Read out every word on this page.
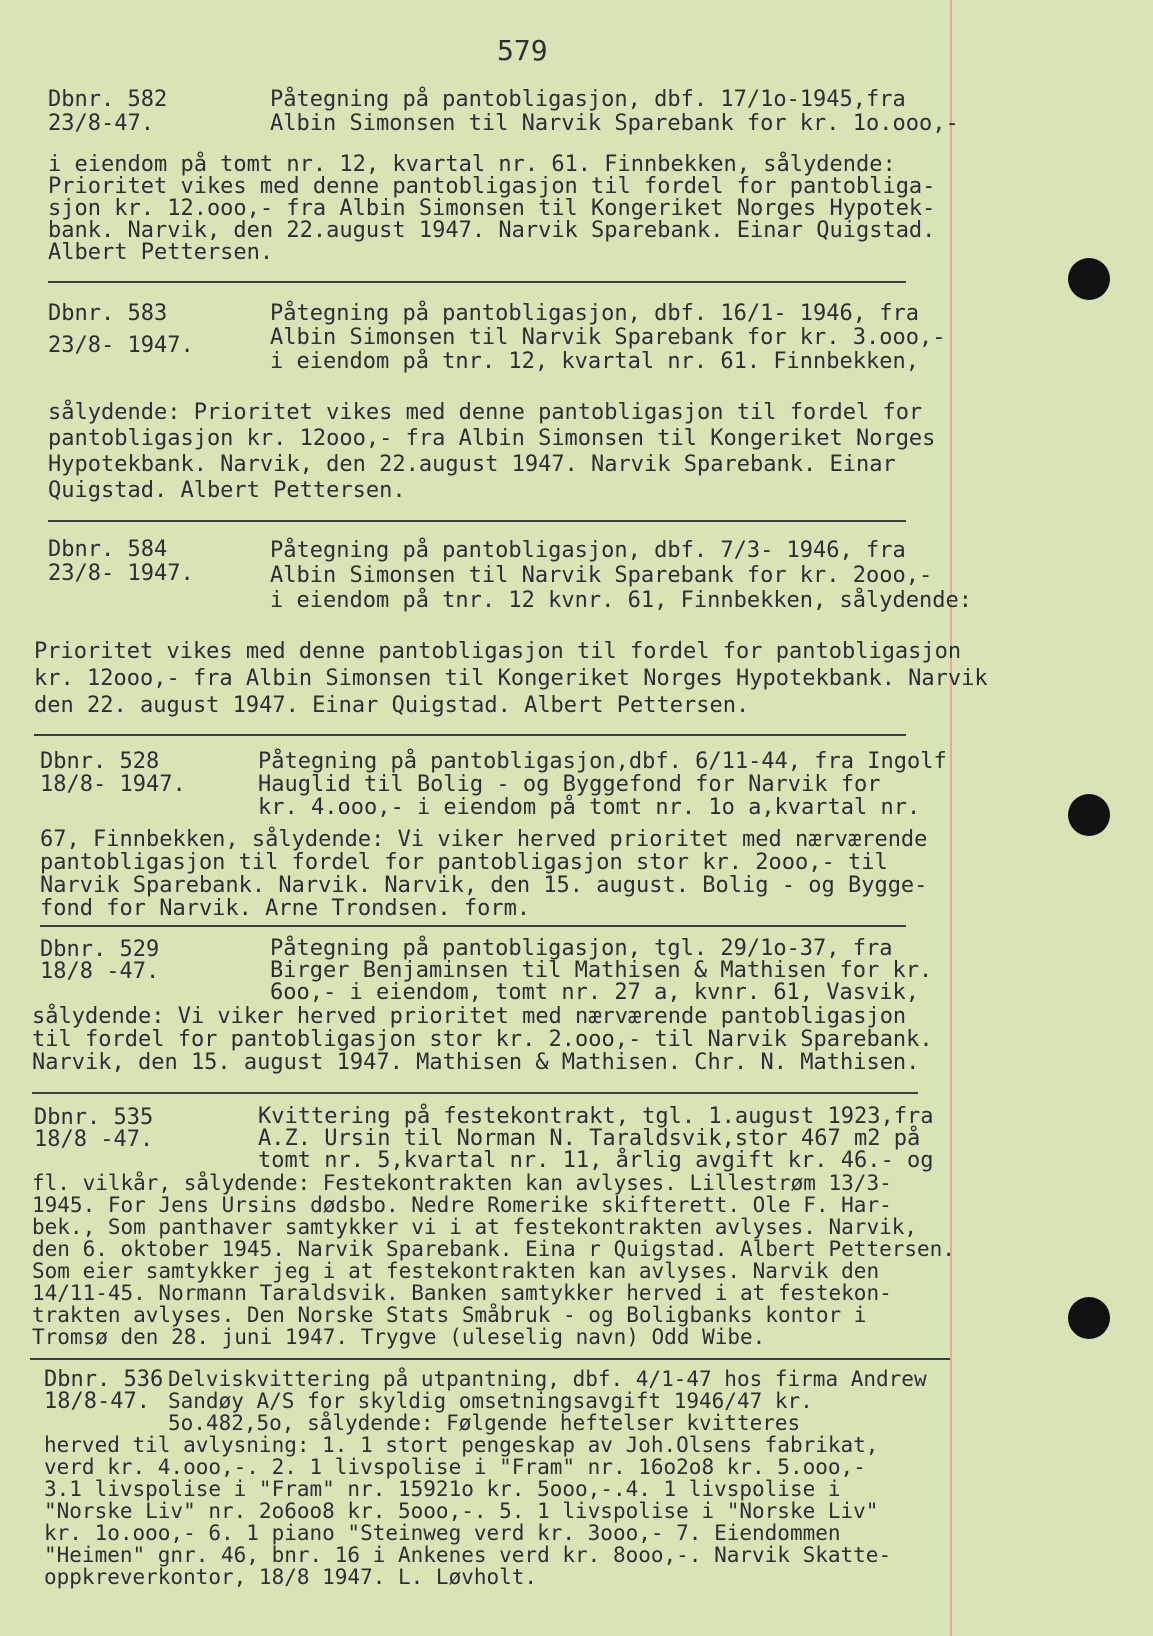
579
Dbnr. 582
23/8-47.
Påtegning på pantobligasjon, dbf. 17/1o-1945,fra
Albin Simonsen til Narvik Sparebank for kr. 1o.ooo,-
i eiendom på tomt nr. 12, kvartal nr. 61. Finnbekken, sålydende:
Prioritet vikes med denne pantobligasjon til fordel for pantobliga-
sjon kr. 12.ooo,- fra Albin Simonsen til Kongeriket Norges Hypotek-
bank. Narvik, den 22.august 1947. Narvik Sparebank. Einar Quigstad.
Albert Pettersen.
Dbnr. 583
23/8- 1947.
Påtegning på pantobligasjon, dbf. 16/1- 1946, fra
Albin Simonsen til Narvik Sparebank for kr. 3.ooo,-
i eiendom på tnr. 12, kvartal nr. 61. Finnbekken,
sålydende: Prioritet vikes med denne pantobligasjon til fordel for
pantobligasjon kr. 12ooo,- fra Albin Simonsen til Kongeriket Norges
Hypotekbank. Narvik, den 22.august 1947. Narvik Sparebank. Einar
Quigstad. Albert Pettersen.
Dbnr. 584
23/8- 1947.
Påtegning på pantobligasjon, dbf. 7/3- 1946, fra
Albin Simonsen til Narvik Sparebank for kr. 2ooo,-
i eiendom på tnr. 12 kvnr. 61, Finnbekken, sålydende:
Prioritet vikes med denne pantobligasjon til fordel for pantobligasjon
kr. 12ooo,- fra Albin Simonsen til Kongeriket Norges Hypotekbank. Narvik
den 22. august 1947. Einar Quigstad. Albert Pettersen.
Dbnr. 528
18/8- 1947.
Påtegning på pantobligasjon,dbf. 6/11-44, fra Ingolf
Hauglid til Bolig - og Byggefond for Narvik for
kr. 4.ooo,- i eiendom på tomt nr. 1o a,kvartal nr.
67, Finnbekken, sålydende: Vi viker herved prioritet med nærværende
pantobligasjon til fordel for pantobligasjon stor kr. 2ooo,- til
Narvik Sparebank. Narvik. Narvik, den 15. august. Bolig - og Bygge-
fond for Narvik. Arne Trondsen. form.
Dbnr. 529
18/8 -47.
Påtegning på pantobligasjon, tgl. 29/1o-37, fra
Birger Benjaminsen til Mathisen & Mathisen for kr.
6oo,- i eiendom, tomt nr. 27 a, kvnr. 61, Vasvik,
sålydende: Vi viker herved prioritet med nærværende pantobligasjon
til fordel for pantobligasjon stor kr. 2.ooo,- til Narvik Sparebank.
Narvik, den 15. august 1947. Mathisen & Mathisen. Chr. N. Mathisen.
Dbnr. 535
18/8 -47.
Kvittering på festekontrakt, tgl. 1.august 1923,fra
A.Z. Ursin til Norman N. Taraldsvik,stor 467 m2 på
tomt nr. 5,kvartal nr. 11, årlig avgift kr. 46.- og
fl. vilkår, sålydende: Festekontrakten kan avlyses. Lillestrøm 13/3-
1945. For Jens Ursins dødsbo. Nedre Romerike skifterett. Ole F. Har-
bek., Som panthaver samtykker vi i at festekontrakten avlyses. Narvik,
den 6. oktober 1945. Narvik Sparebank. Eina r Quigstad. Albert Pettersen.
Som eier samtykker jeg i at festekontrakten kan avlyses. Narvik den
14/11-45. Normann Taraldsvik. Banken samtykker herved i at festekon-
trakten avlyses. Den Norske Stats Småbruk - og Boligbanks kontor i
Tromsø den 28. juni 1947. Trygve (uleselig navn) Odd Wibe.
Dbnr. 536
18/8-47.
Delviskvittering på utpantning, dbf. 4/1-47 hos firma Andrew
Sandøy A/S for skyldig omsetningsavgift 1946/47 kr.
5o.482,5o, sålydende: Følgende heftelser kvitteres
herved til avlysning: 1. 1 stort pengeskap av Joh.Olsens fabrikat,
verd kr. 4.ooo,-. 2. 1 livspolise i "Fram" nr. 16o2o8 kr. 5.ooo,-
3.1 livspolise i "Fram" nr. 15921o kr. 5ooo,-.4. 1 livspolise i
"Norske Liv" nr. 2o6oo8 kr. 5ooo,-. 5. 1 livspolise i "Norske Liv"
kr. 1o.ooo,- 6. 1 piano "Steinweg verd kr. 3ooo,- 7. Eiendommen
"Heimen" gnr. 46, bnr. 16 i Ankenes verd kr. 8ooo,-. Narvik Skatte-
oppkreverkontor, 18/8 1947. L. Løvholt.
